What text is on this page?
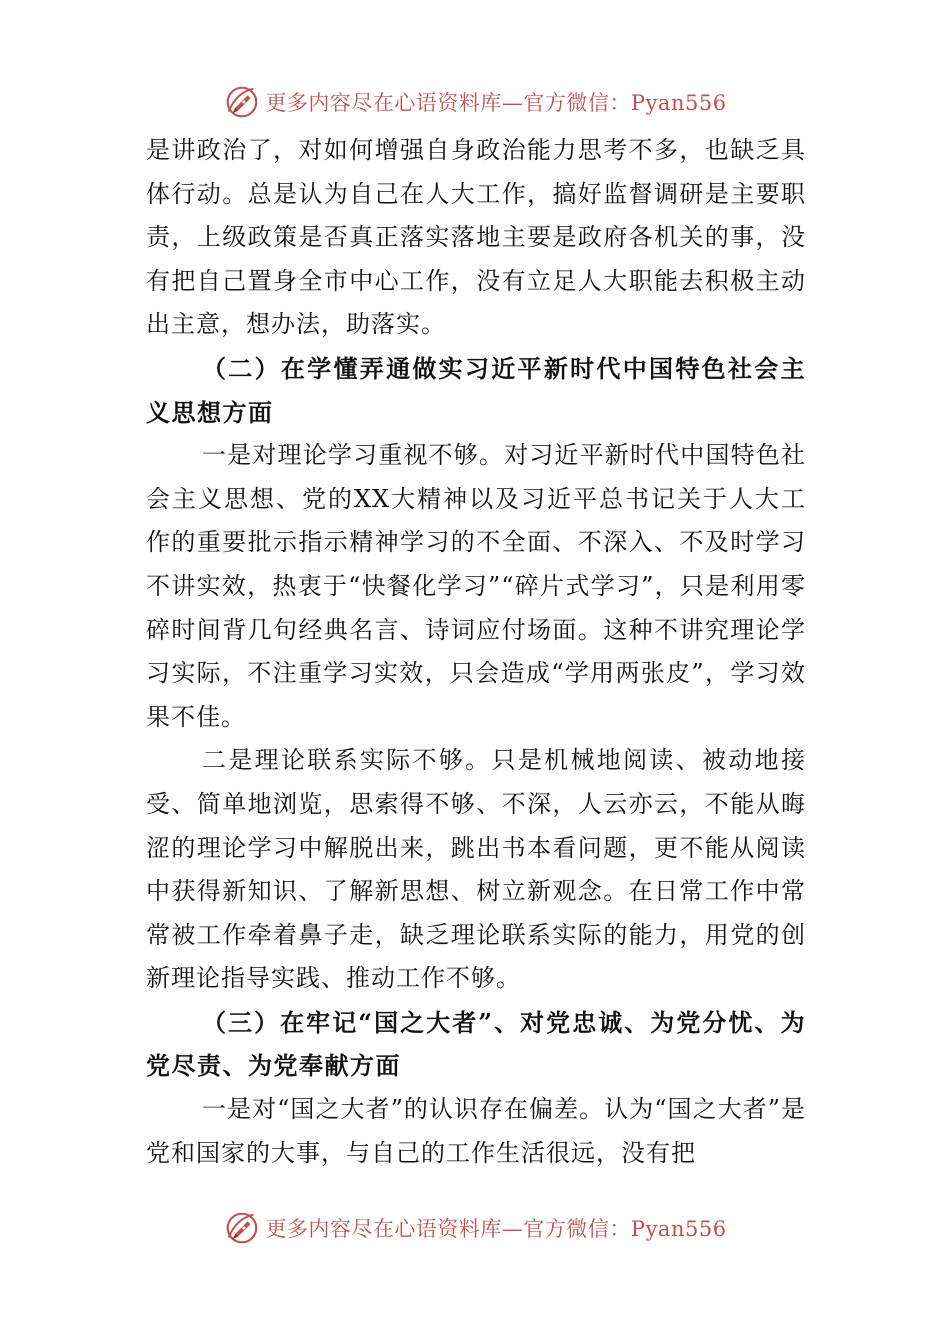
更多内容尽在心语资料库—官方微信：Pyan556

是讲政治了，对如何增强自身政治能力思考不多，也缺乏具体行动。总是认为自己在人大工作，搞好监督调研是主要职责，上级政策是否真正落实落地主要是政府各机关的事，没有把自己置身全市中心工作，没有立足人大职能去积极主动出主意，想办法，助落实。

（二）在学懂弄通做实习近平新时代中国特色社会主义思想方面

一是对理论学习重视不够。对习近平新时代中国特色社会主义思想、党的XX大精神以及习近平总书记关于人大工作的重要批示指示精神学习的不全面、不深入、不及时学习不讲实效，热衷于“快餐化学习”“碎片式学习”，只是利用零碎时间背几句经典名言、诗词应付场面。这种不讲究理论学习实际，不注重学习实效，只会造成“学用两张皮”，学习效果不佳。

二是理论联系实际不够。只是机械地阅读、被动地接受、简单地浏览，思索得不够、不深，人云亦云，不能从晦涩的理论学习中解脱出来，跳出书本看问题，更不能从阅读中获得新知识、了解新思想、树立新观念。在日常工作中常常被工作牵着鼻子走，缺乏理论联系实际的能力，用党的创新理论指导实践、推动工作不够。

（三）在牢记“国之大者”、对党忠诚、为党分忧、为党尽责、为党奉献方面

一是对“国之大者”的认识存在偏差。认为“国之大者”是党和国家的大事，与自己的工作生活很远，没有把

更多内容尽在心语资料库—官方微信：Pyan556
